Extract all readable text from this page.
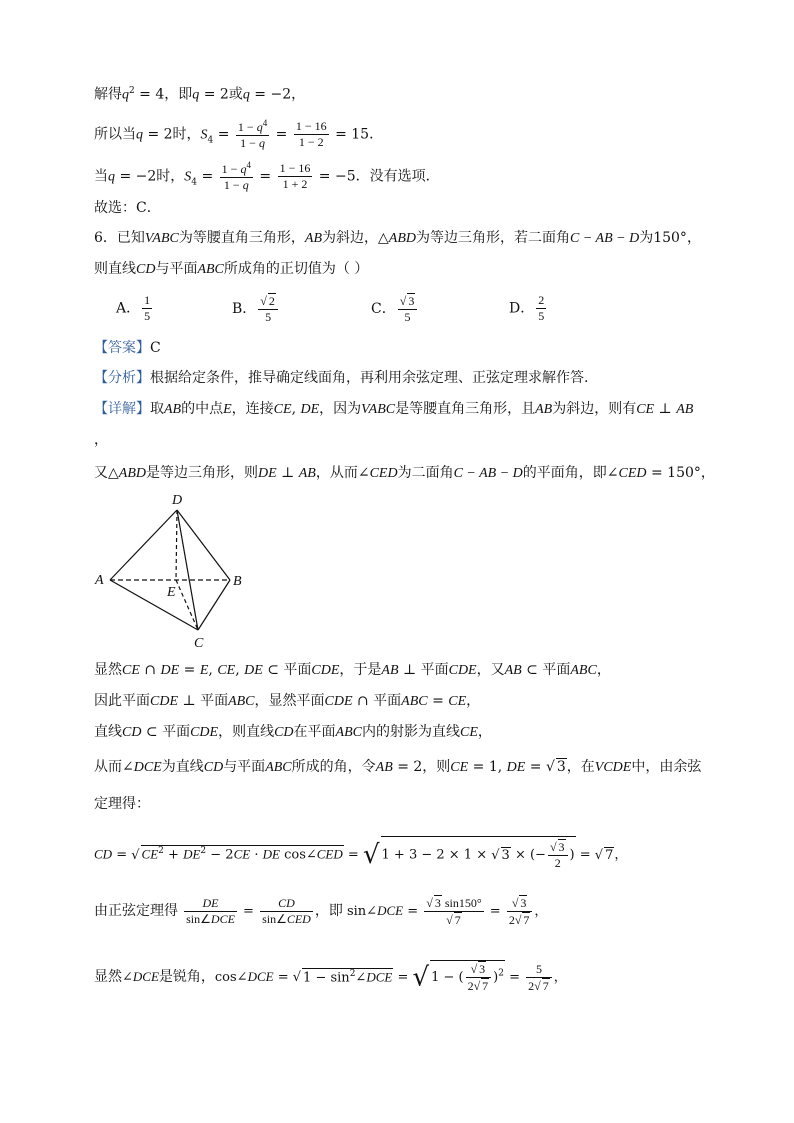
解得$q^2 = 4$，即q = 2或q = −2，
所以当q = 2时，$S_4 = \frac{1 - q^4}{1 - q} = \frac{1 - 16}{1 - 2} = 15$．
当q = −2时，$S_4 = \frac{1 - q^4}{1 - q} = \frac{1 - 16}{1 + 2} = -5$．没有选项．
故选：C．
6．已知VABC为等腰直角三角形，AB为斜边，△ABD为等边三角形，若二面角C − AB − D为150°，
则直线CD与平面ABC所成角的正切值为（ ）
A． $\frac{1}{5}$	B． √ $\frac{2}{5}$	C． √ $\frac{3}{5}$	D． $\frac{2}{5}$
【答案】C
【分析】根据给定条件，推导确定线面角，再利用余弦定理、正弦定理求解作答.
【详解】取AB的中点E，连接CE, DE，因为VABC是等腰直角三角形，且AB为斜边，则有CE ⊥ AB
，
又△ABD是等边三角形，则DE ⊥ AB，从而∠CED为二面角C − AB − D的平面角，即∠CED = 150°，
D
A	B
E
C
显然CE ∩ DE = E, CE, DE ⊂ 平面CDE，于是AB ⊥ 平面CDE，又AB ⊂ 平面ABC，
因此平面CDE ⊥ 平面ABC，显然平面CDE ∩ 平面ABC = CE，
直线CD ⊂ 平面CDE，则直线CD在平面ABC内的射影为直线CE，
从而∠DCE为直线CD与平面ABC所成的角，令AB = 2，则CE = 1, DE = √ 3，在VCDE中，由余弦
定理得：
CD = √ $CE^2 + DE^2 - 2CE$ · DE cos∠CED = √ 1 + 3 − 2 × 1 × √ 3 × (− √ $\frac{3}{2}$ ) = √ 7，
由正弦定理得 $\frac{DE}{\text{sin∠DCE}} = \frac{CD}{\text{sin∠CED}}$ ，即 sin∠DCE = √ 3 sin150°
√ 7 = √ $\frac{3}{2 √ 7}$ ，
显然∠DCE是锐角，cos∠DCE = √ $1 - \sin^2\angle DCE$ = √ 1 − ( √ $\frac{3}{2 √ 7} )^2 = \frac{5}{2 √ 7}$ ，
